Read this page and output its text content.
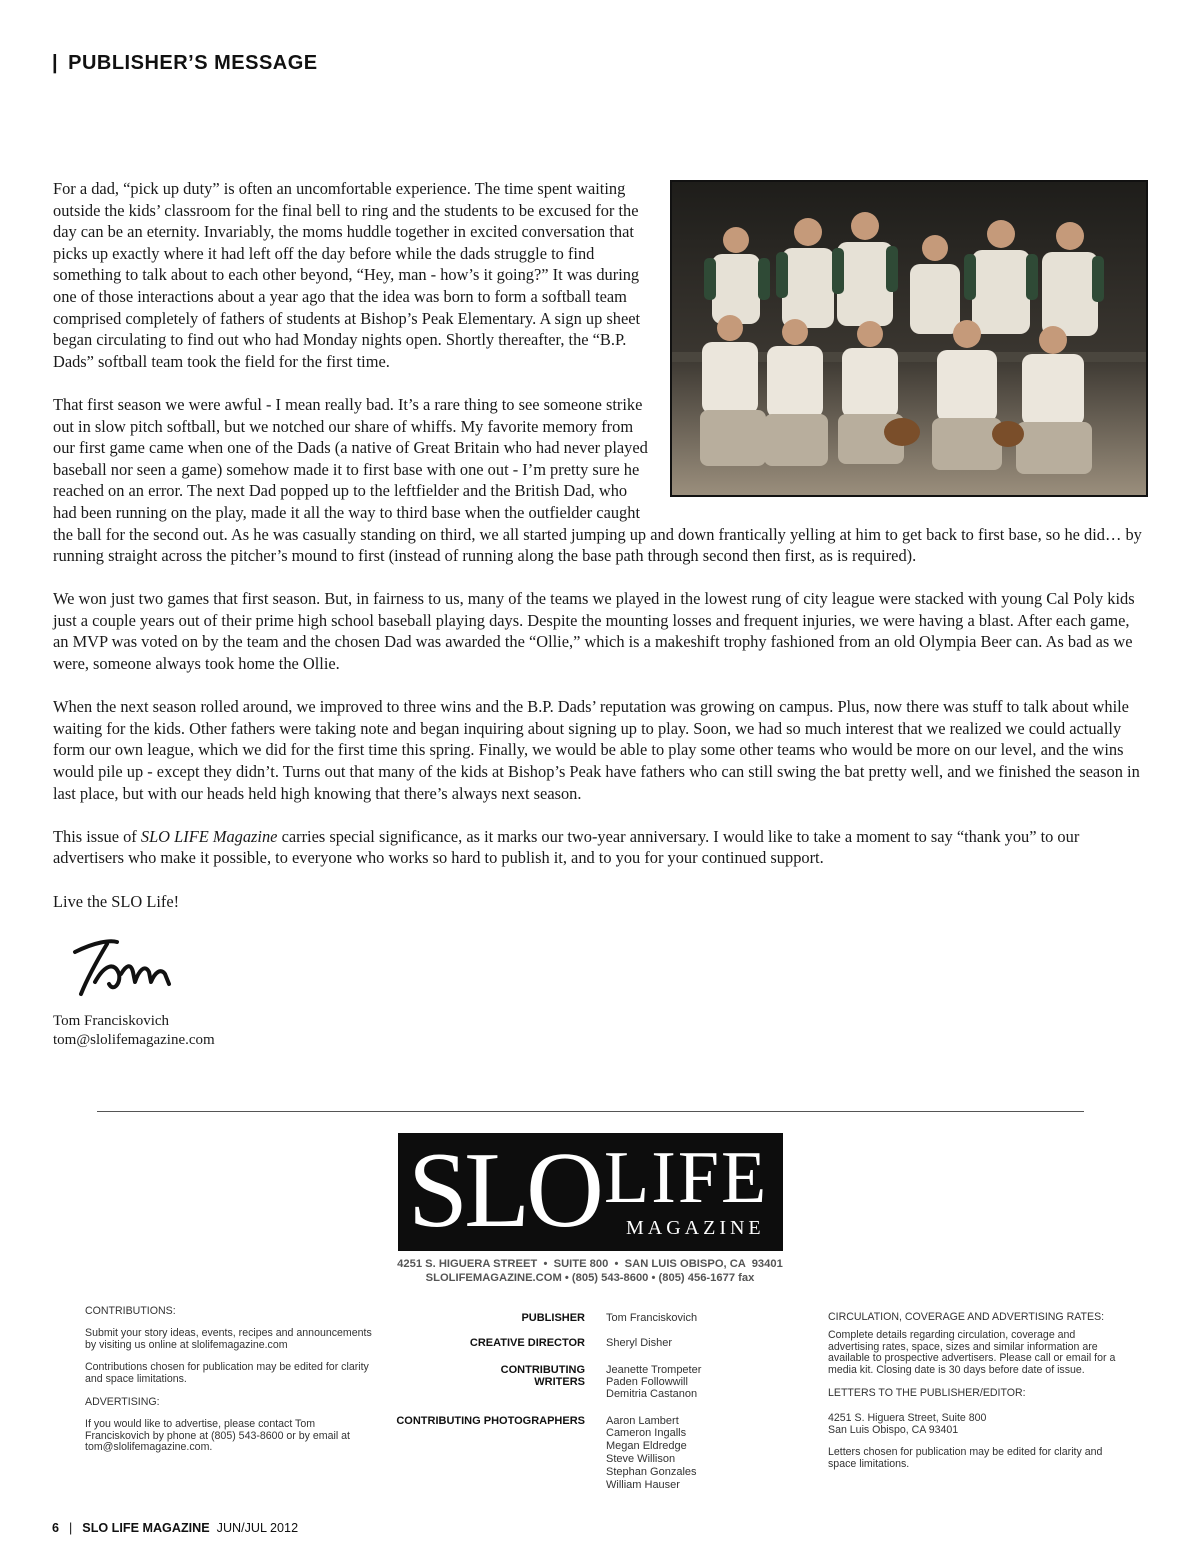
| PUBLISHER’S MESSAGE

For a dad, “pick up duty” is often an uncomfortable experience. The time spent waiting outside the kids’ classroom for the final bell to ring and the students to be excused for the day can be an eternity. Invariably, the moms huddle together in excited conversation that picks up exactly where it had left off the day before while the dads struggle to find something to talk about to each other beyond, “Hey, man - how’s it going?” It was during one of those interactions about a year ago that the idea was born to form a softball team comprised completely of fathers of students at Bishop’s Peak Elementary. A sign up sheet began circulating to find out who had Monday nights open. Shortly thereafter, the “B.P. Dads” softball team took the field for the first time.

That first season we were awful - I mean really bad. It’s a rare thing to see someone strike out in slow pitch softball, but we notched our share of whiffs. My favorite memory from our first game came when one of the Dads (a native of Great Britain who had never played baseball nor seen a game) somehow made it to first base with one out - I’m pretty sure he reached on an error. The next Dad popped up to the leftfielder and the British Dad, who had been running on the play, made it all the way to third base when the outfielder caught the ball for the second out. As he was casually standing on third, we all started jumping up and down frantically yelling at him to get back to first base, so he did… by running straight across the pitcher’s mound to first (instead of running along the base path through second then first, as is required).

We won just two games that first season. But, in fairness to us, many of the teams we played in the lowest rung of city league were stacked with young Cal Poly kids just a couple years out of their prime high school baseball playing days. Despite the mounting losses and frequent injuries, we were having a blast. After each game, an MVP was voted on by the team and the chosen Dad was awarded the “Ollie,” which is a makeshift trophy fashioned from an old Olympia Beer can. As bad as we were, someone always took home the Ollie.

When the next season rolled around, we improved to three wins and the B.P. Dads’ reputation was growing on campus. Plus, now there was stuff to talk about while waiting for the kids. Other fathers were taking note and began inquiring about signing up to play. Soon, we had so much interest that we realized we could actually form our own league, which we did for the first time this spring. Finally, we would be able to play some other teams who would be more on our level, and the wins would pile up - except they didn’t. Turns out that many of the kids at Bishop’s Peak have fathers who can still swing the bat pretty well, and we finished the season in last place, but with our heads held high knowing that there’s always next season.

This issue of SLO LIFE Magazine carries special significance, as it marks our two-year anniversary. I would like to take a moment to say “thank you” to our advertisers who make it possible, to everyone who works so hard to publish it, and to you for your continued support.

Live the SLO Life!

Tom Franciskovich
tom@slolifemagazine.com
SLO LIFE
MAGAZINE
4251 S. HIGUERA STREET  •  SUITE 800  •  SAN LUIS OBISPO, CA  93401
SLOLIFEMAGAZINE.COM • (805) 543-8600 • (805) 456-1677 fax
CONTRIBUTIONS:
Submit your story ideas, events, recipes and announcements by visiting us online at slolifemagazine.com
Contributions chosen for publication may be edited for clarity and space limitations.
ADVERTISING:
If you would like to advertise, please contact Tom Franciskovich by phone at (805) 543-8600 or by email at tom@slolifemagazine.com.
PUBLISHER
CREATIVE DIRECTOR
CONTRIBUTING
WRITERS
CONTRIBUTING PHOTOGRAPHERS
Tom Franciskovich
Sheryl Disher
Jeanette Trompeter
Paden Followwill
Demitria Castanon
Aaron Lambert
Cameron Ingalls
Megan Eldredge
Steve Willison
Stephan Gonzales
William Hauser
CIRCULATION, COVERAGE AND ADVERTISING RATES:
Complete details regarding circulation, coverage and advertising rates, space, sizes and similar information are available to prospective advertisers. Please call or email for a media kit. Closing date is 30 days before date of issue.
LETTERS TO THE PUBLISHER/EDITOR:
4251 S. Higuera Street, Suite 800
San Luis Obispo, CA 93401
Letters chosen for publication may be edited for clarity and space limitations.
6 | SLO LIFE MAGAZINE JUN/JUL 2012
